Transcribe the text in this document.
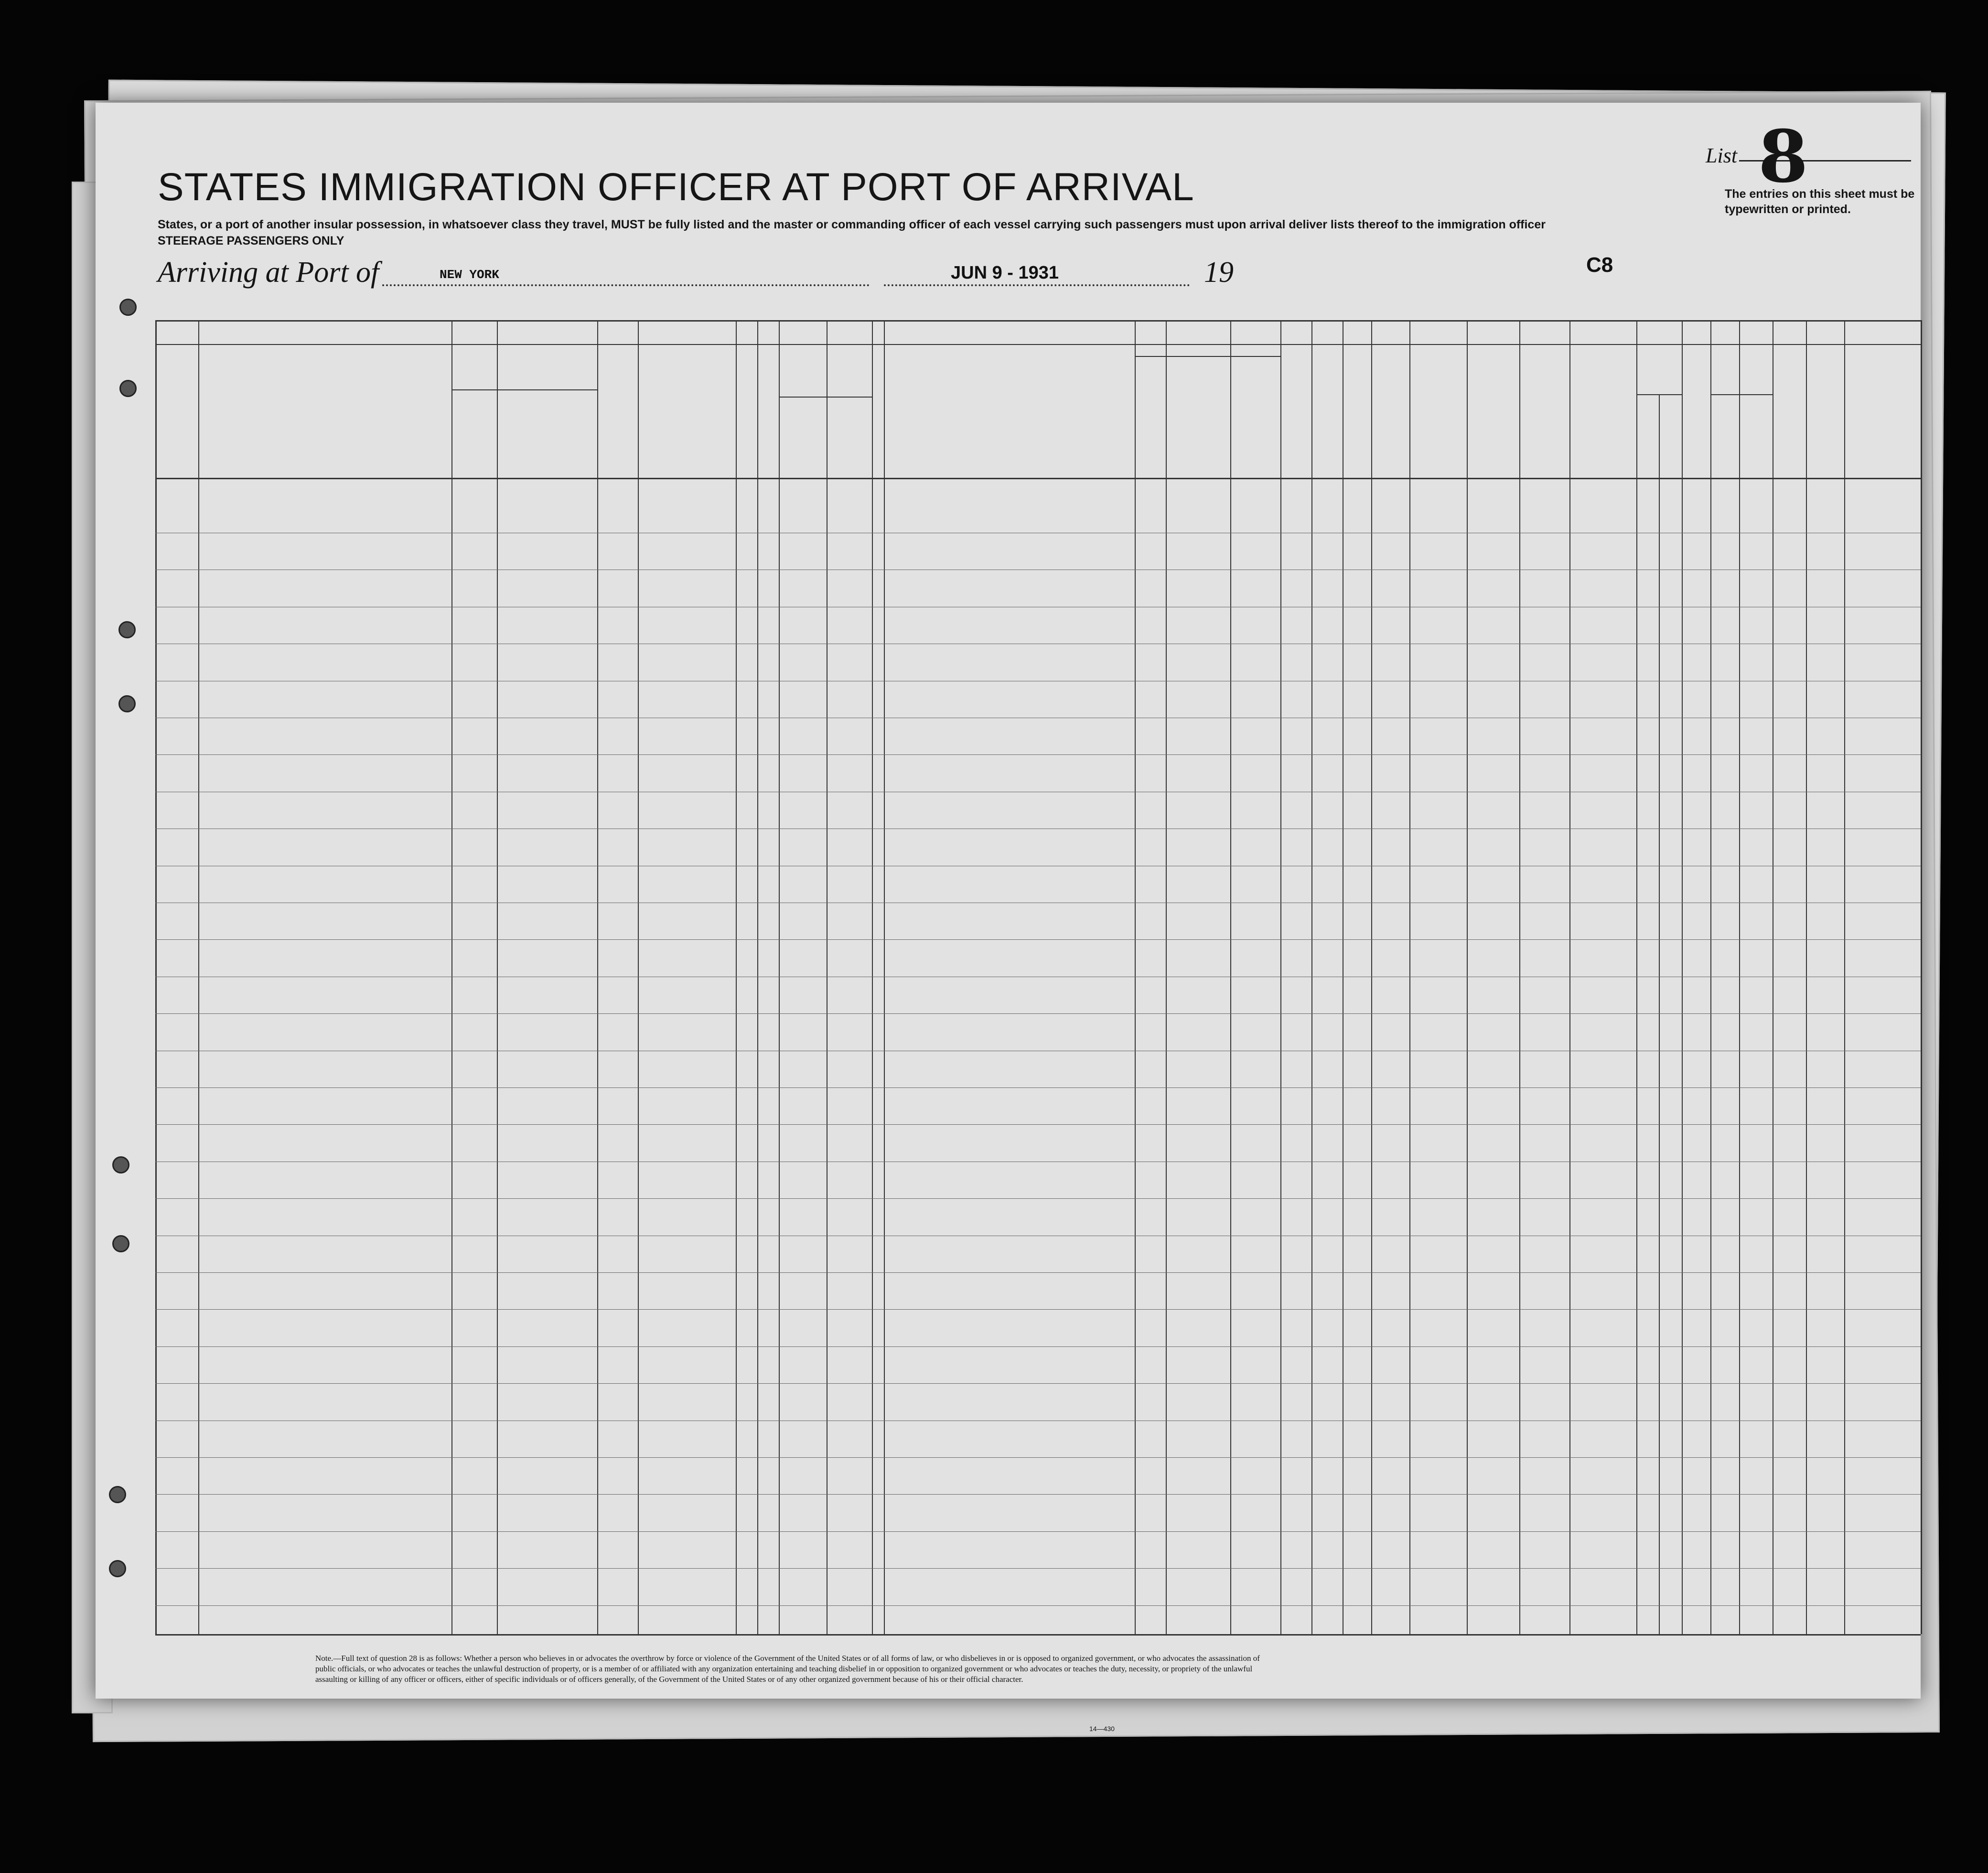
STATES IMMIGRATION OFFICER AT PORT OF ARRIVAL
States, or a port of another insular possession, in whatsoever class they travel, MUST be fully listed and the master or commanding officer of each vessel carrying such passengers must upon arrival deliver lists thereof to the immigration officer
STEERAGE PASSENGERS ONLY
List 8
The entries on this sheet must be typewritten or printed.
Arriving at Port of	NEW YORK	JUN 9 - 1931	19	C8
Note.—Full text of question 28 is as follows: Whether a person who believes in or advocates the overthrow by force or violence of the Government of the United States or of all forms of law, or who disbelieves in or is opposed to organized government, or who advocates the assassination of public officials, or who advocates or teaches the unlawful destruction of property, or is a member of or affiliated with any organization entertaining and teaching disbelief in or opposition to organized government or who advocates or teaches the duty, necessity, or propriety of the unlawful assaulting or killing of any officer or officers, either of specific individuals or of officers generally, of the Government of the United States or of any other organized government because of his or their official character.
14—430
